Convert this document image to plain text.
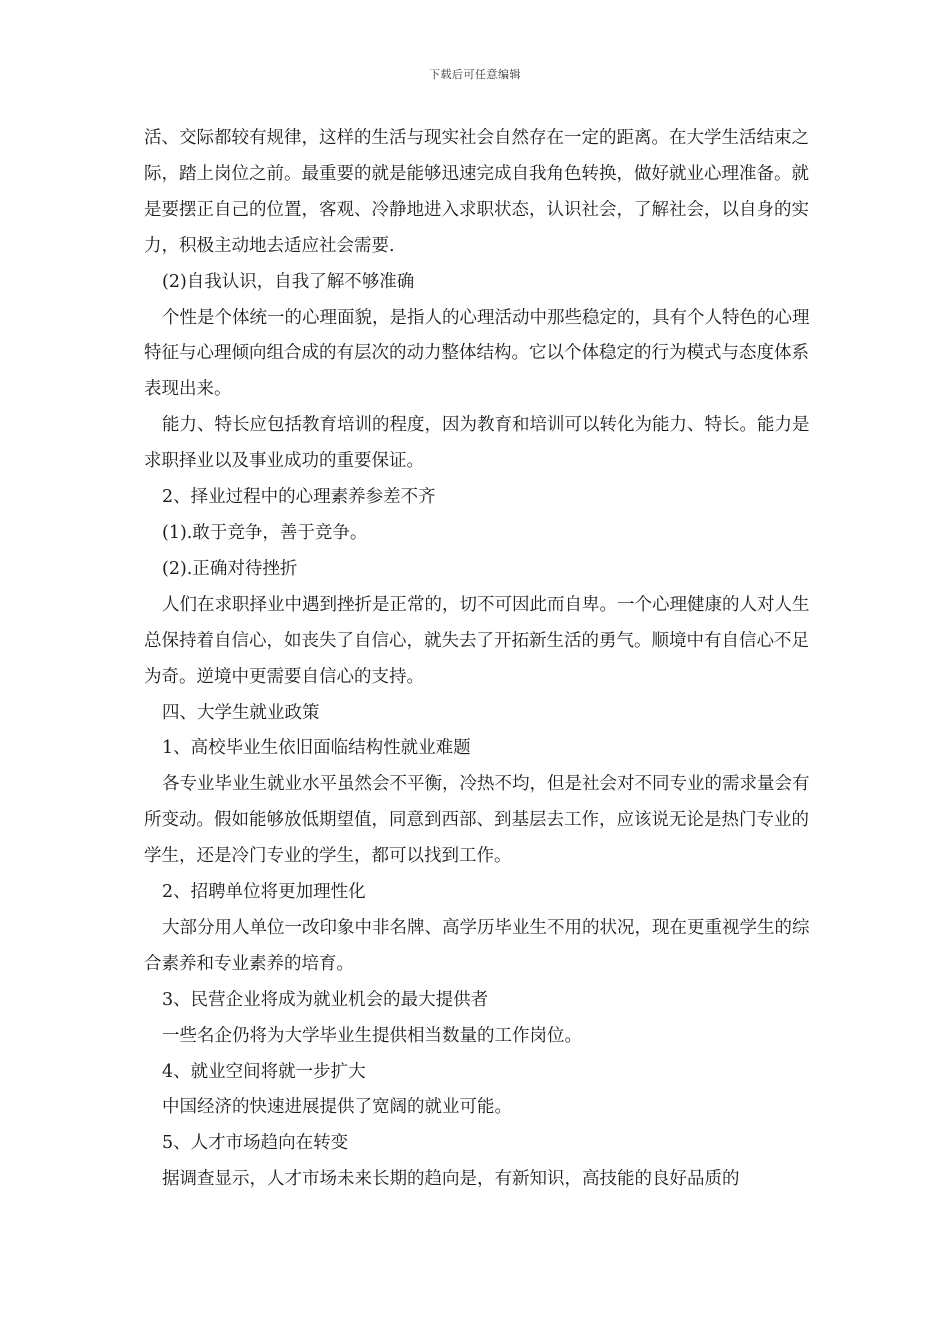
下载后可任意编辑

活、交际都较有规律，这样的生活与现实社会自然存在一定的距离。在大学生活结束之际，踏上岗位之前。最重要的就是能够迅速完成自我角色转换，做好就业心理准备。就是要摆正自己的位置，客观、冷静地进入求职状态，认识社会，了解社会，以自身的实力，积极主动地去适应社会需要.

(2)自我认识，自我了解不够准确

个性是个体统一的心理面貌，是指人的心理活动中那些稳定的，具有个人特色的心理特征与心理倾向组合成的有层次的动力整体结构。它以个体稳定的行为模式与态度体系表现出来。

能力、特长应包括教育培训的程度，因为教育和培训可以转化为能力、特长。能力是求职择业以及事业成功的重要保证。

2、择业过程中的心理素养参差不齐

(1).敢于竞争，善于竞争。

(2).正确对待挫折

人们在求职择业中遇到挫折是正常的，切不可因此而自卑。一个心理健康的人对人生总保持着自信心，如丧失了自信心，就失去了开拓新生活的勇气。顺境中有自信心不足为奇。逆境中更需要自信心的支持。

四、大学生就业政策

1、高校毕业生依旧面临结构性就业难题

各专业毕业生就业水平虽然会不平衡，冷热不均，但是社会对不同专业的需求量会有所变动。假如能够放低期望值，同意到西部、到基层去工作，应该说无论是热门专业的学生，还是冷门专业的学生，都可以找到工作。

2、招聘单位将更加理性化

大部分用人单位一改印象中非名牌、高学历毕业生不用的状况，现在更重视学生的综合素养和专业素养的培育。

3、民营企业将成为就业机会的最大提供者

一些名企仍将为大学毕业生提供相当数量的工作岗位。

4、就业空间将就一步扩大

中国经济的快速进展提供了宽阔的就业可能。

5、人才市场趋向在转变

据调查显示，人才市场未来长期的趋向是，有新知识，高技能的良好品质的
